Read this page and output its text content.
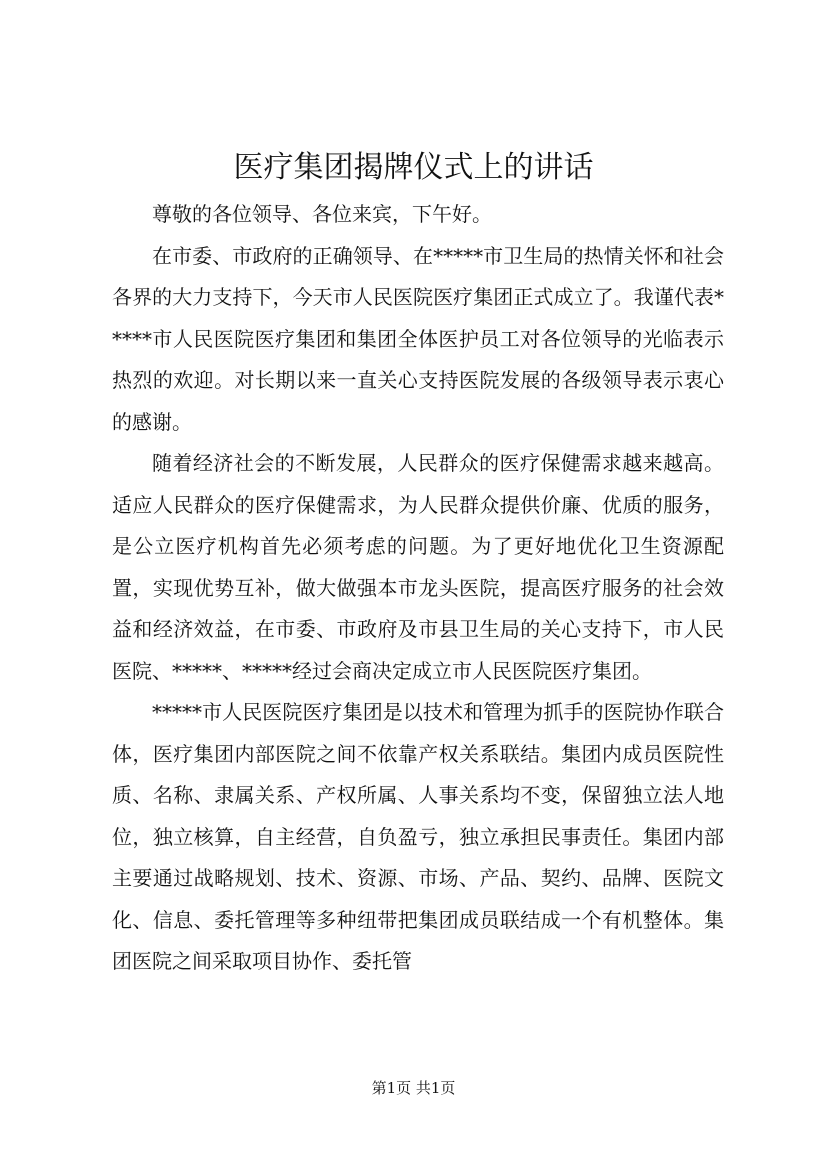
医疗集团揭牌仪式上的讲话

尊敬的各位领导、各位来宾，下午好。

在市委、市政府的正确领导、在*****市卫生局的热情关怀和社会各界的大力支持下，今天市人民医院医疗集团正式成立了。我谨代表*****市人民医院医疗集团和集团全体医护员工对各位领导的光临表示热烈的欢迎。对长期以来一直关心支持医院发展的各级领导表示衷心的感谢。

随着经济社会的不断发展，人民群众的医疗保健需求越来越高。适应人民群众的医疗保健需求，为人民群众提供价廉、优质的服务，是公立医疗机构首先必须考虑的问题。为了更好地优化卫生资源配置，实现优势互补，做大做强本市龙头医院，提高医疗服务的社会效益和经济效益，在市委、市政府及市县卫生局的关心支持下，市人民医院、*****、*****经过会商决定成立市人民医院医疗集团。

*****市人民医院医疗集团是以技术和管理为抓手的医院协作联合体，医疗集团内部医院之间不依靠产权关系联结。集团内成员医院性质、名称、隶属关系、产权所属、人事关系均不变，保留独立法人地位，独立核算，自主经营，自负盈亏，独立承担民事责任。集团内部主要通过战略规划、技术、资源、市场、产品、契约、品牌、医院文化、信息、委托管理等多种纽带把集团成员联结成一个有机整体。集团医院之间采取项目协作、委托管

第1页 共1页
